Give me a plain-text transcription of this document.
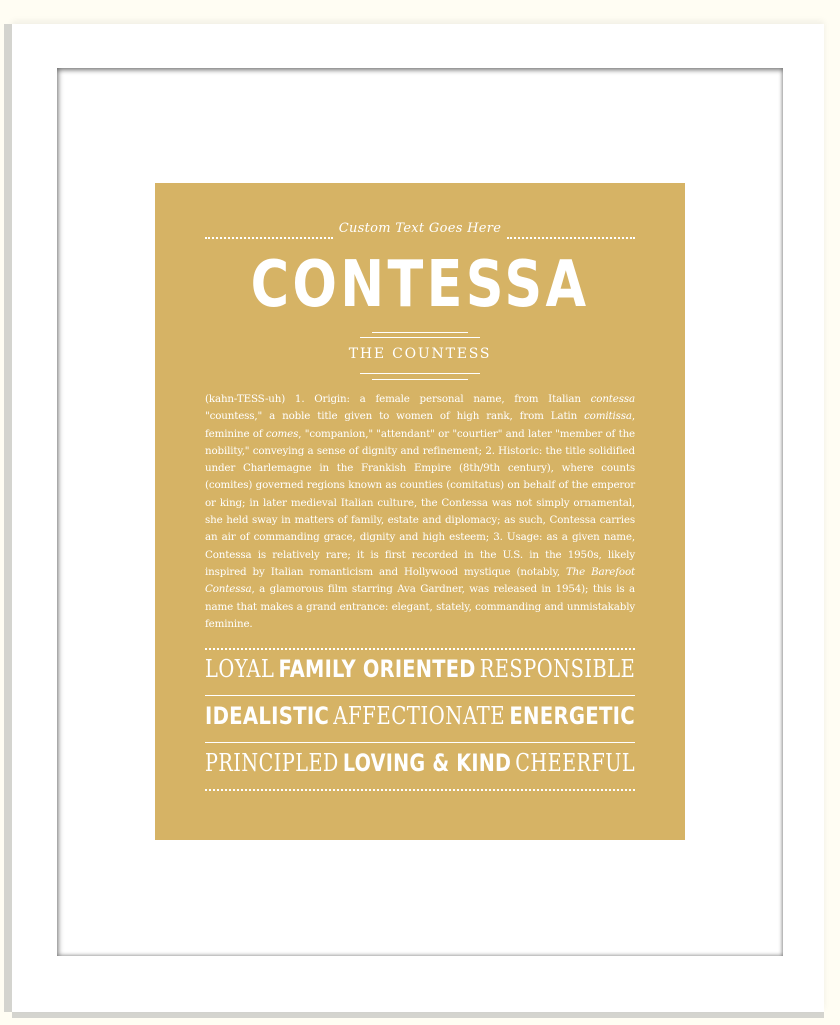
Custom Text Goes Here
CONTESSA
THE COUNTESS
(kahn-TESS-uh) 1. Origin: a female personal name, from Italian contessa "countess," a noble title given to women of high rank, from Latin comitissa, feminine of comes, "companion," "attendant" or "courtier" and later "member of the nobility," conveying a sense of dignity and refinement; 2. Historic: the title solidified under Charlemagne in the Frankish Empire (8th/9th century), where counts (comites) governed regions known as counties (comitatus) on behalf of the emperor or king; in later medieval Italian culture, the Contessa was not simply ornamental, she held sway in matters of family, estate and diplomacy; as such, Contessa carries an air of commanding grace, dignity and high esteem; 3. Usage: as a given name, Contessa is relatively rare; it is first recorded in the U.S. in the 1950s, likely inspired by Italian romanticism and Hollywood mystique (notably, The Barefoot Contessa, a glamorous film starring Ava Gardner, was released in 1954); this is a name that makes a grand entrance: elegant, stately, commanding and unmistakably feminine.
LOYAL FAMILY ORIENTED RESPONSIBLE
IDEALISTIC AFFECTIONATE ENERGETIC
PRINCIPLED LOVING & KIND CHEERFUL
